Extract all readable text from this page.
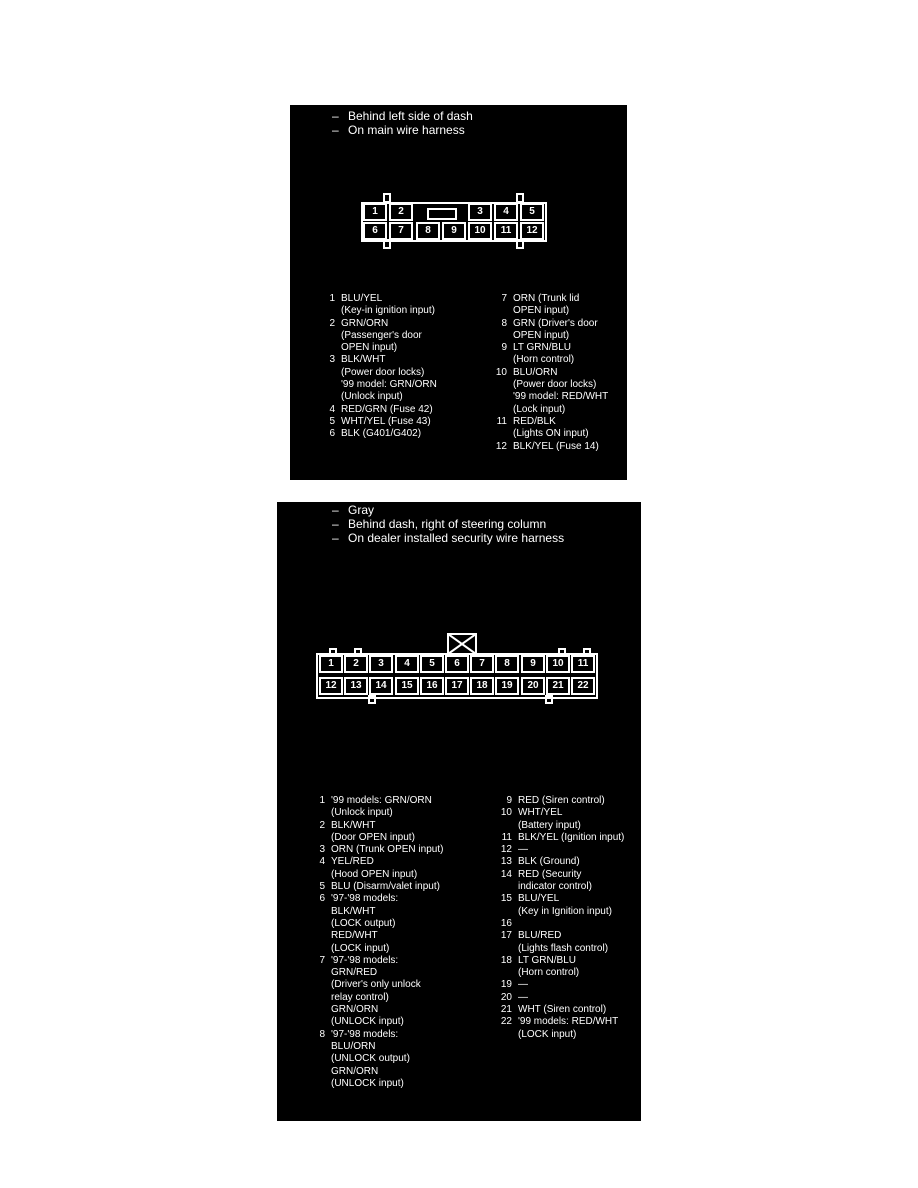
– Behind left side of dash
– On main wire harness
1	2	3	4	5
6	7	8	9	10	11	12
1 BLU/YEL
(Key-in ignition input)
2 GRN/ORN
(Passenger's door
OPEN input)
3 BLK/WHT
(Power door locks)
'99 model: GRN/ORN
(Unlock input)
4 RED/GRN (Fuse 42)
5 WHT/YEL (Fuse 43)
6 BLK (G401/G402)
7 ORN (Trunk lid
OPEN input)
8 GRN (Driver's door
OPEN input)
9 LT GRN/BLU
(Horn control)
10 BLU/ORN
(Power door locks)
'99 model: RED/WHT
(Lock input)
11 RED/BLK
(Lights ON input)
12 BLK/YEL (Fuse 14)
– Gray
– Behind dash, right of steering column
– On dealer installed security wire harness
1	2	3	4	5	6	7	8	9	10	11
12	13	14	15	16	17	18	19	20	21	22
1 '99 models: GRN/ORN
(Unlock input)
2 BLK/WHT
(Door OPEN input)
3 ORN (Trunk OPEN input)
4 YEL/RED
(Hood OPEN input)
5 BLU (Disarm/valet input)
6 '97-'98 models:
BLK/WHT
(LOCK output)
RED/WHT
(LOCK input)
7 '97-'98 models:
GRN/RED
(Driver's only unlock
relay control)
GRN/ORN
(UNLOCK input)
8 '97-'98 models:
BLU/ORN
(UNLOCK output)
GRN/ORN
(UNLOCK input)
9 RED (Siren control)
10 WHT/YEL
(Battery input)
11 BLK/YEL (Ignition input)
12 —
13 BLK (Ground)
14 RED (Security
indicator control)
15 BLU/YEL
(Key in Ignition input)
16

17 BLU/RED
(Lights flash control)
18 LT GRN/BLU
(Horn control)
19 —
20 —
21 WHT (Siren control)
22 '99 models: RED/WHT
(LOCK input)
